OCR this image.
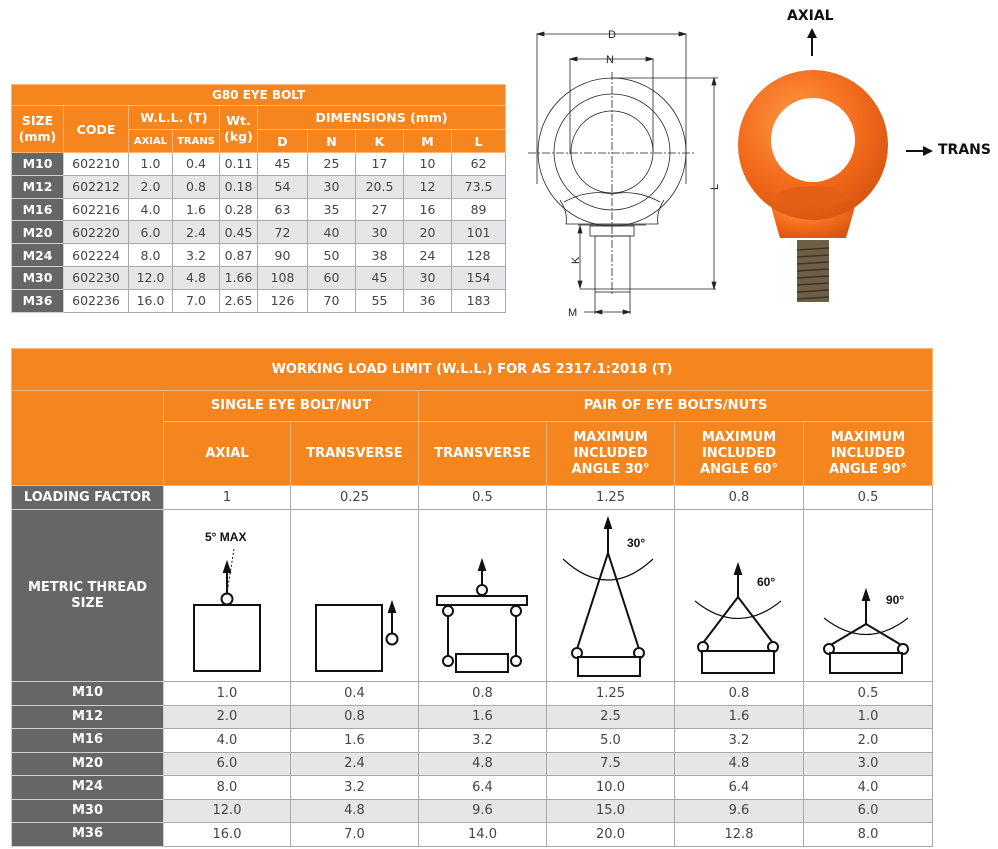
G80 EYE BOLT									
SIZE (mm)	CODE	W.L.L. (T)		Wt. (kg)	DIMENSIONS (mm)				
		AXIAL	TRANS		D	N	K	M	L
M10	602210	1.0	0.4	0.11	45	25	17	10	62
M12	602212	2.0	0.8	0.18	54	30	20.5	12	73.5
M16	602216	4.0	1.6	0.28	63	35	27	16	89
M20	602220	6.0	2.4	0.45	72	40	30	20	101
M24	602224	8.0	3.2	0.87	90	50	38	24	128
M30	602230	12.0	4.8	1.66	108	60	45	30	154
M36	602236	16.0	7.0	2.65	126	70	55	36	183
D
N
K
L
M
AXIAL
TRANS
WORKING LOAD LIMIT (W.L.L.) FOR AS 2317.1:2018 (T)						
	SINGLE EYE BOLT/NUT		PAIR OF EYE BOLTS/NUTS			
	AXIAL	TRANSVERSE	TRANSVERSE	MAXIMUM INCLUDED ANGLE 30°	MAXIMUM INCLUDED ANGLE 60°	MAXIMUM INCLUDED ANGLE 90°
LOADING FACTOR	1	0.25	0.5	1.25	0.8	0.5
METRIC THREAD SIZE	5° MAX			30°	60°	90°

M10	1.0	0.4	0.8	1.25	0.8	0.5
M12	2.0	0.8	1.6	2.5	1.6	1.0
M16	4.0	1.6	3.2	5.0	3.2	2.0
M20	6.0	2.4	4.8	7.5	4.8	3.0
M24	8.0	3.2	6.4	10.0	6.4	4.0
M30	12.0	4.8	9.6	15.0	9.6	6.0
M36	16.0	7.0	14.0	20.0	12.8	8.0
